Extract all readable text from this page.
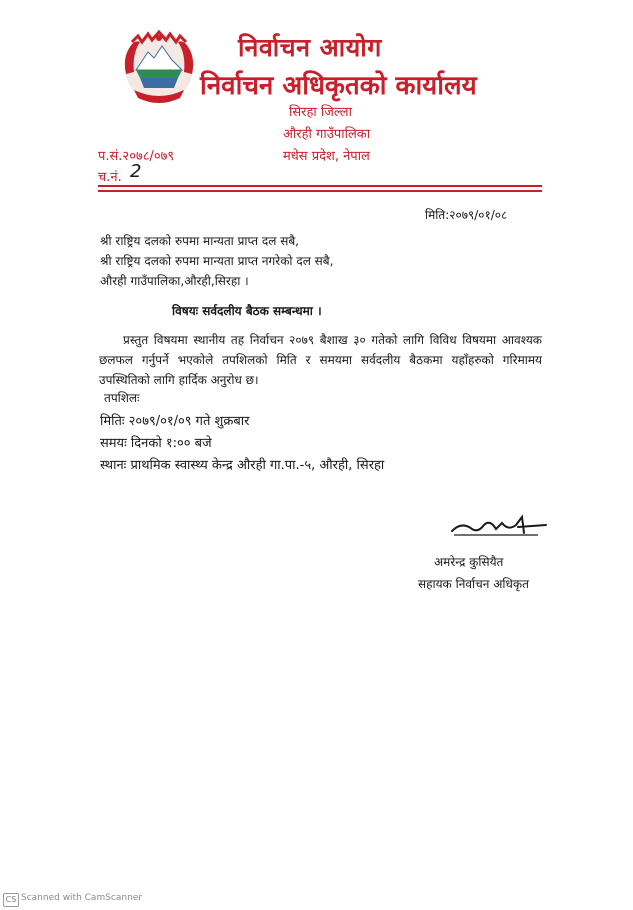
निर्वाचन आयोग
निर्वाचन अधिकृतको कार्यालय
सिरहा जिल्ला
औरही गाउँपालिका
मधेस प्रदेश, नेपाल
प.सं.२०७८/०७९
च.नं. 2
मिति:२०७९/०१/०८
श्री राष्ट्रिय दलको रुपमा मान्यता प्राप्त दल सबै,
श्री राष्ट्रिय दलको रुपमा मान्यता प्राप्त नगरेको दल सबै,
औरही गाउँपालिका,औरही,सिरहा ।
विषयः सर्वदलीय बैठक सम्बन्धमा ।
प्रस्तुत विषयमा स्थानीय तह निर्वाचन २०७९ बैशाख ३० गतेको लागि विविध विषयमा आवश्यक छलफल गर्नुपर्ने भएकोले तपशिलको मिति र समयमा सर्वदलीय बैठकमा यहाँहरुको गरिमामय उपस्थितिको लागि हार्दिक अनुरोध छ।
तपशिलः
मितिः २०७९/०१/०९ गते शुक्रबार
समयः दिनको १:०० बजे
स्थानः प्राथमिक स्वास्थ्य केन्द्र औरही गा.पा.-५, औरही, सिरहा
अमरेन्द्र कुसियैत
सहायक निर्वाचन अधिकृत
CS Scanned with CamScanner
